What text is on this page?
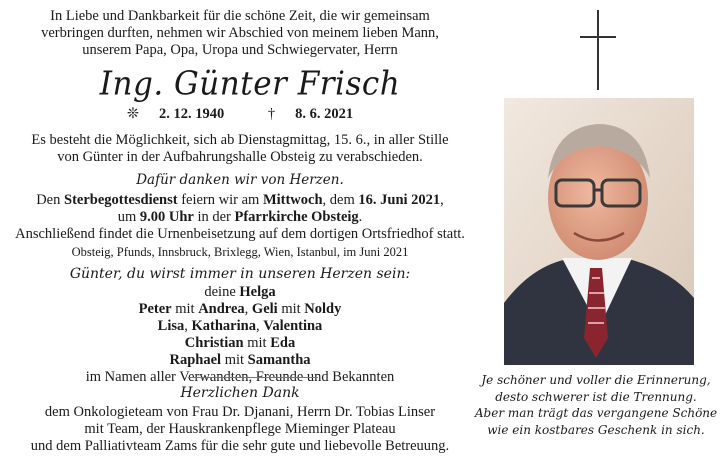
In Liebe und Dankbarkeit für die schöne Zeit, die wir gemeinsam
verbringen durften, nehmen wir Abschied von meinem lieben Mann,
unserem Papa, Opa, Uropa und Schwiegervater, Herrn
Ing. Günter Frisch
❊ 2. 12. 1940	† 8. 6. 2021
Es besteht die Möglichkeit, sich ab Dienstagmittag, 15. 6., in aller Stille
von Günter in der Aufbahrungshalle Obsteig zu verabschieden.
Dafür danken wir von Herzen.
Den Sterbegottesdienst feiern wir am Mittwoch, dem 16. Juni 2021,
um 9.00 Uhr in der Pfarrkirche Obsteig.
Anschließend findet die Urnenbeisetzung auf dem dortigen Ortsfriedhof statt.
Obsteig, Pfunds, Innsbruck, Brixlegg, Wien, Istanbul, im Juni 2021
Günter, du wirst immer in unseren Herzen sein:
deine Helga
Peter mit Andrea, Geli mit Noldy
Lisa, Katharina, Valentina
Christian mit Eda
Raphael mit Samantha
im Namen aller Verwandten, Freunde und Bekannten
Herzlichen Dank
dem Onkologieteam von Frau Dr. Djanani, Herrn Dr. Tobias Linser
mit Team, der Hauskrankenpflege Mieminger Plateau
und dem Palliativteam Zams für die sehr gute und liebevolle Betreuung.
Je schöner und voller die Erinnerung,
desto schwerer ist die Trennung.
Aber man trägt das vergangene Schöne
wie ein kostbares Geschenk in sich.
